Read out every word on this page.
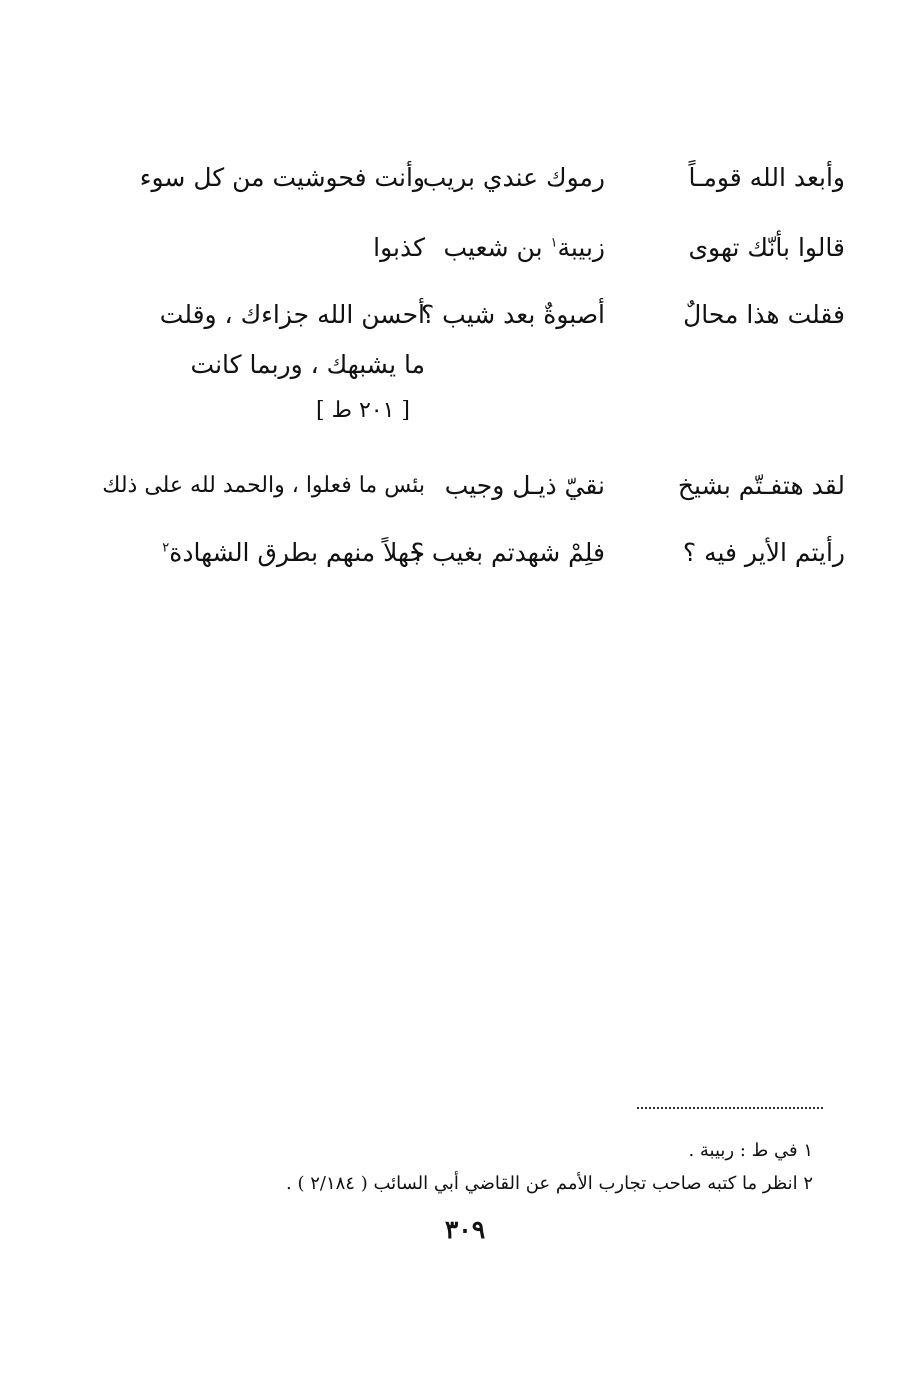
وأبعد الله قومـاً
رموك عندي بريب
وأنت فحوشيت من كل سوء
قالوا بأنّك تهوى
زبيبة$^١$ بن شعيب
كذبوا
فقلت هذا محالٌ
أصبوةٌ بعد شيب ؟
أحسن الله جزاءك ، وقلت
ما يشبهك ، وربما كانت
[ ٢٠١ ط ]
لقد هتفـتّم بشيخ
نقيّ ذيـل وجيب
بئس ما فعلوا ، والحمد لله على ذلك
رأيتم الأير فيه ؟
فلِمْ شهدتم بغيب ؟
جهلاً منهم بطرق الشهادة$^٢$
١ في ط : ربيبة .
٢ انظر ما كتبه صاحب تجارب الأمم عن القاضي أبي السائب ( ٢/١٨٤ ) .
٣٠٩
